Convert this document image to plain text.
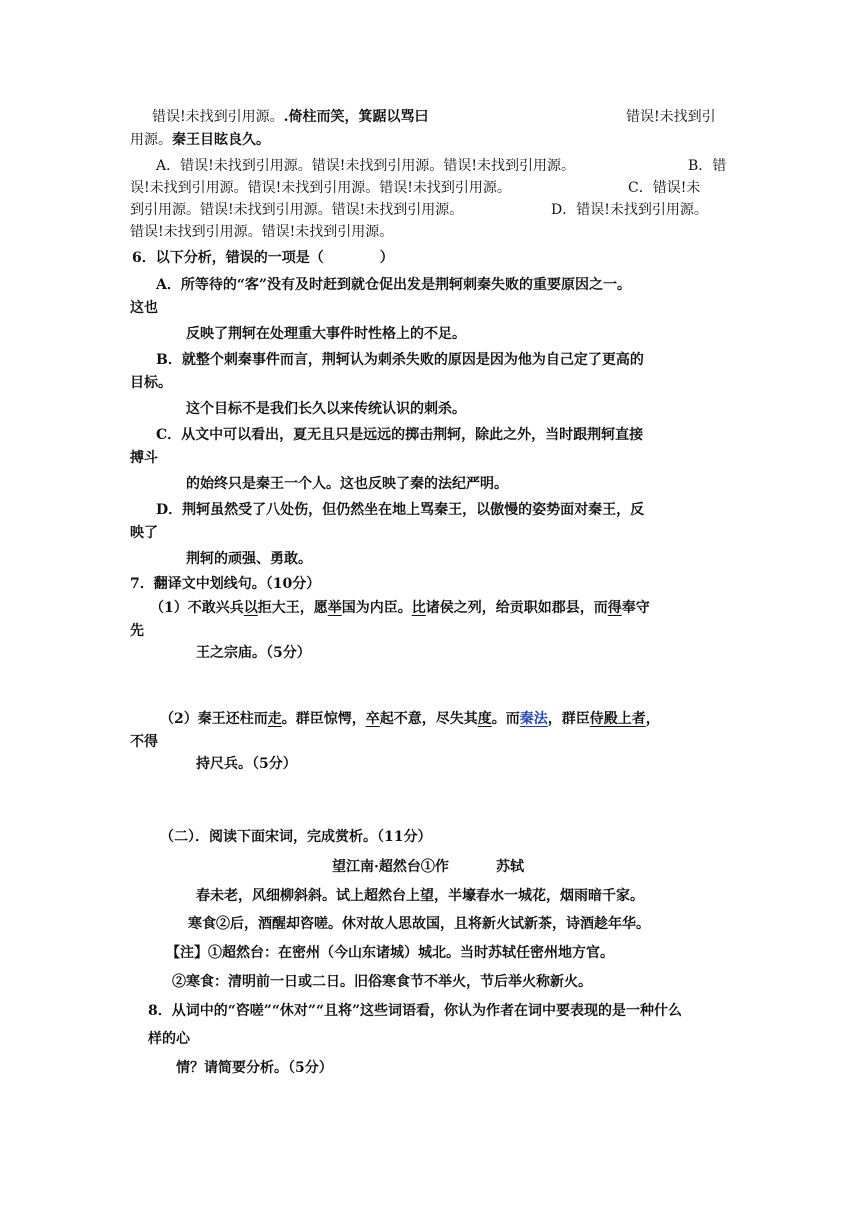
错误!未找到引用源。.倚柱而笑，箕踞以骂曰	错误!未找到引
用源。秦王目眩良久。
A．错误!未找到引用源。错误!未找到引用源。错误!未找到引用源。	B．错
误!未找到引用源。错误!未找到引用源。错误!未找到引用源。	C．错误!未
到引用源。错误!未找到引用源。错误!未找到引用源。	D．错误!未找到引用源。
错误!未找到引用源。错误!未找到引用源。
6．以下分析，错误的一项是（　　　　）
A．所等待的“客”没有及时赶到就仓促出发是荆轲刺秦失败的重要原因之一。
这也
反映了荆轲在处理重大事件时性格上的不足。
B．就整个刺秦事件而言，荆轲认为刺杀失败的原因是因为他为自己定了更高的
目标。
这个目标不是我们长久以来传统认识的刺杀。
C．从文中可以看出，夏无且只是远远的掷击荆轲，除此之外，当时跟荆轲直接
搏斗
的始终只是秦王一个人。这也反映了秦的法纪严明。
D．荆轲虽然受了八处伤，但仍然坐在地上骂秦王，以傲慢的姿势面对秦王，反
映了
荆轲的顽强、勇敢。
7．翻译文中划线句。（10分）
（1）不敢兴兵以拒大王，愿举国为内臣。比诸侯之列，给贡职如郡县，而得奉守
先
王之宗庙。（5分）
（2）秦王还柱而走。群臣惊愕，卒起不意，尽失其度。而秦法，群臣侍殿上者，
不得
持尺兵。（5分）
（二）．阅读下面宋词，完成赏析。（11分）
望江南·超然台①作	苏轼
春未老，风细柳斜斜。试上超然台上望，半壕春水一城花，烟雨暗千家。
寒食②后，酒醒却咨嗟。休对故人思故国，且将新火试新茶，诗酒趁年华。
【注】①超然台：在密州（今山东诸城）城北。当时苏轼任密州地方官。
②寒食：清明前一日或二日。旧俗寒食节不举火，节后举火称新火。
8．从词中的“咨嗟”“休对”“且将”这些词语看，你认为作者在词中要表现的是一种什么
样的心
情？请简要分析。（5分）
